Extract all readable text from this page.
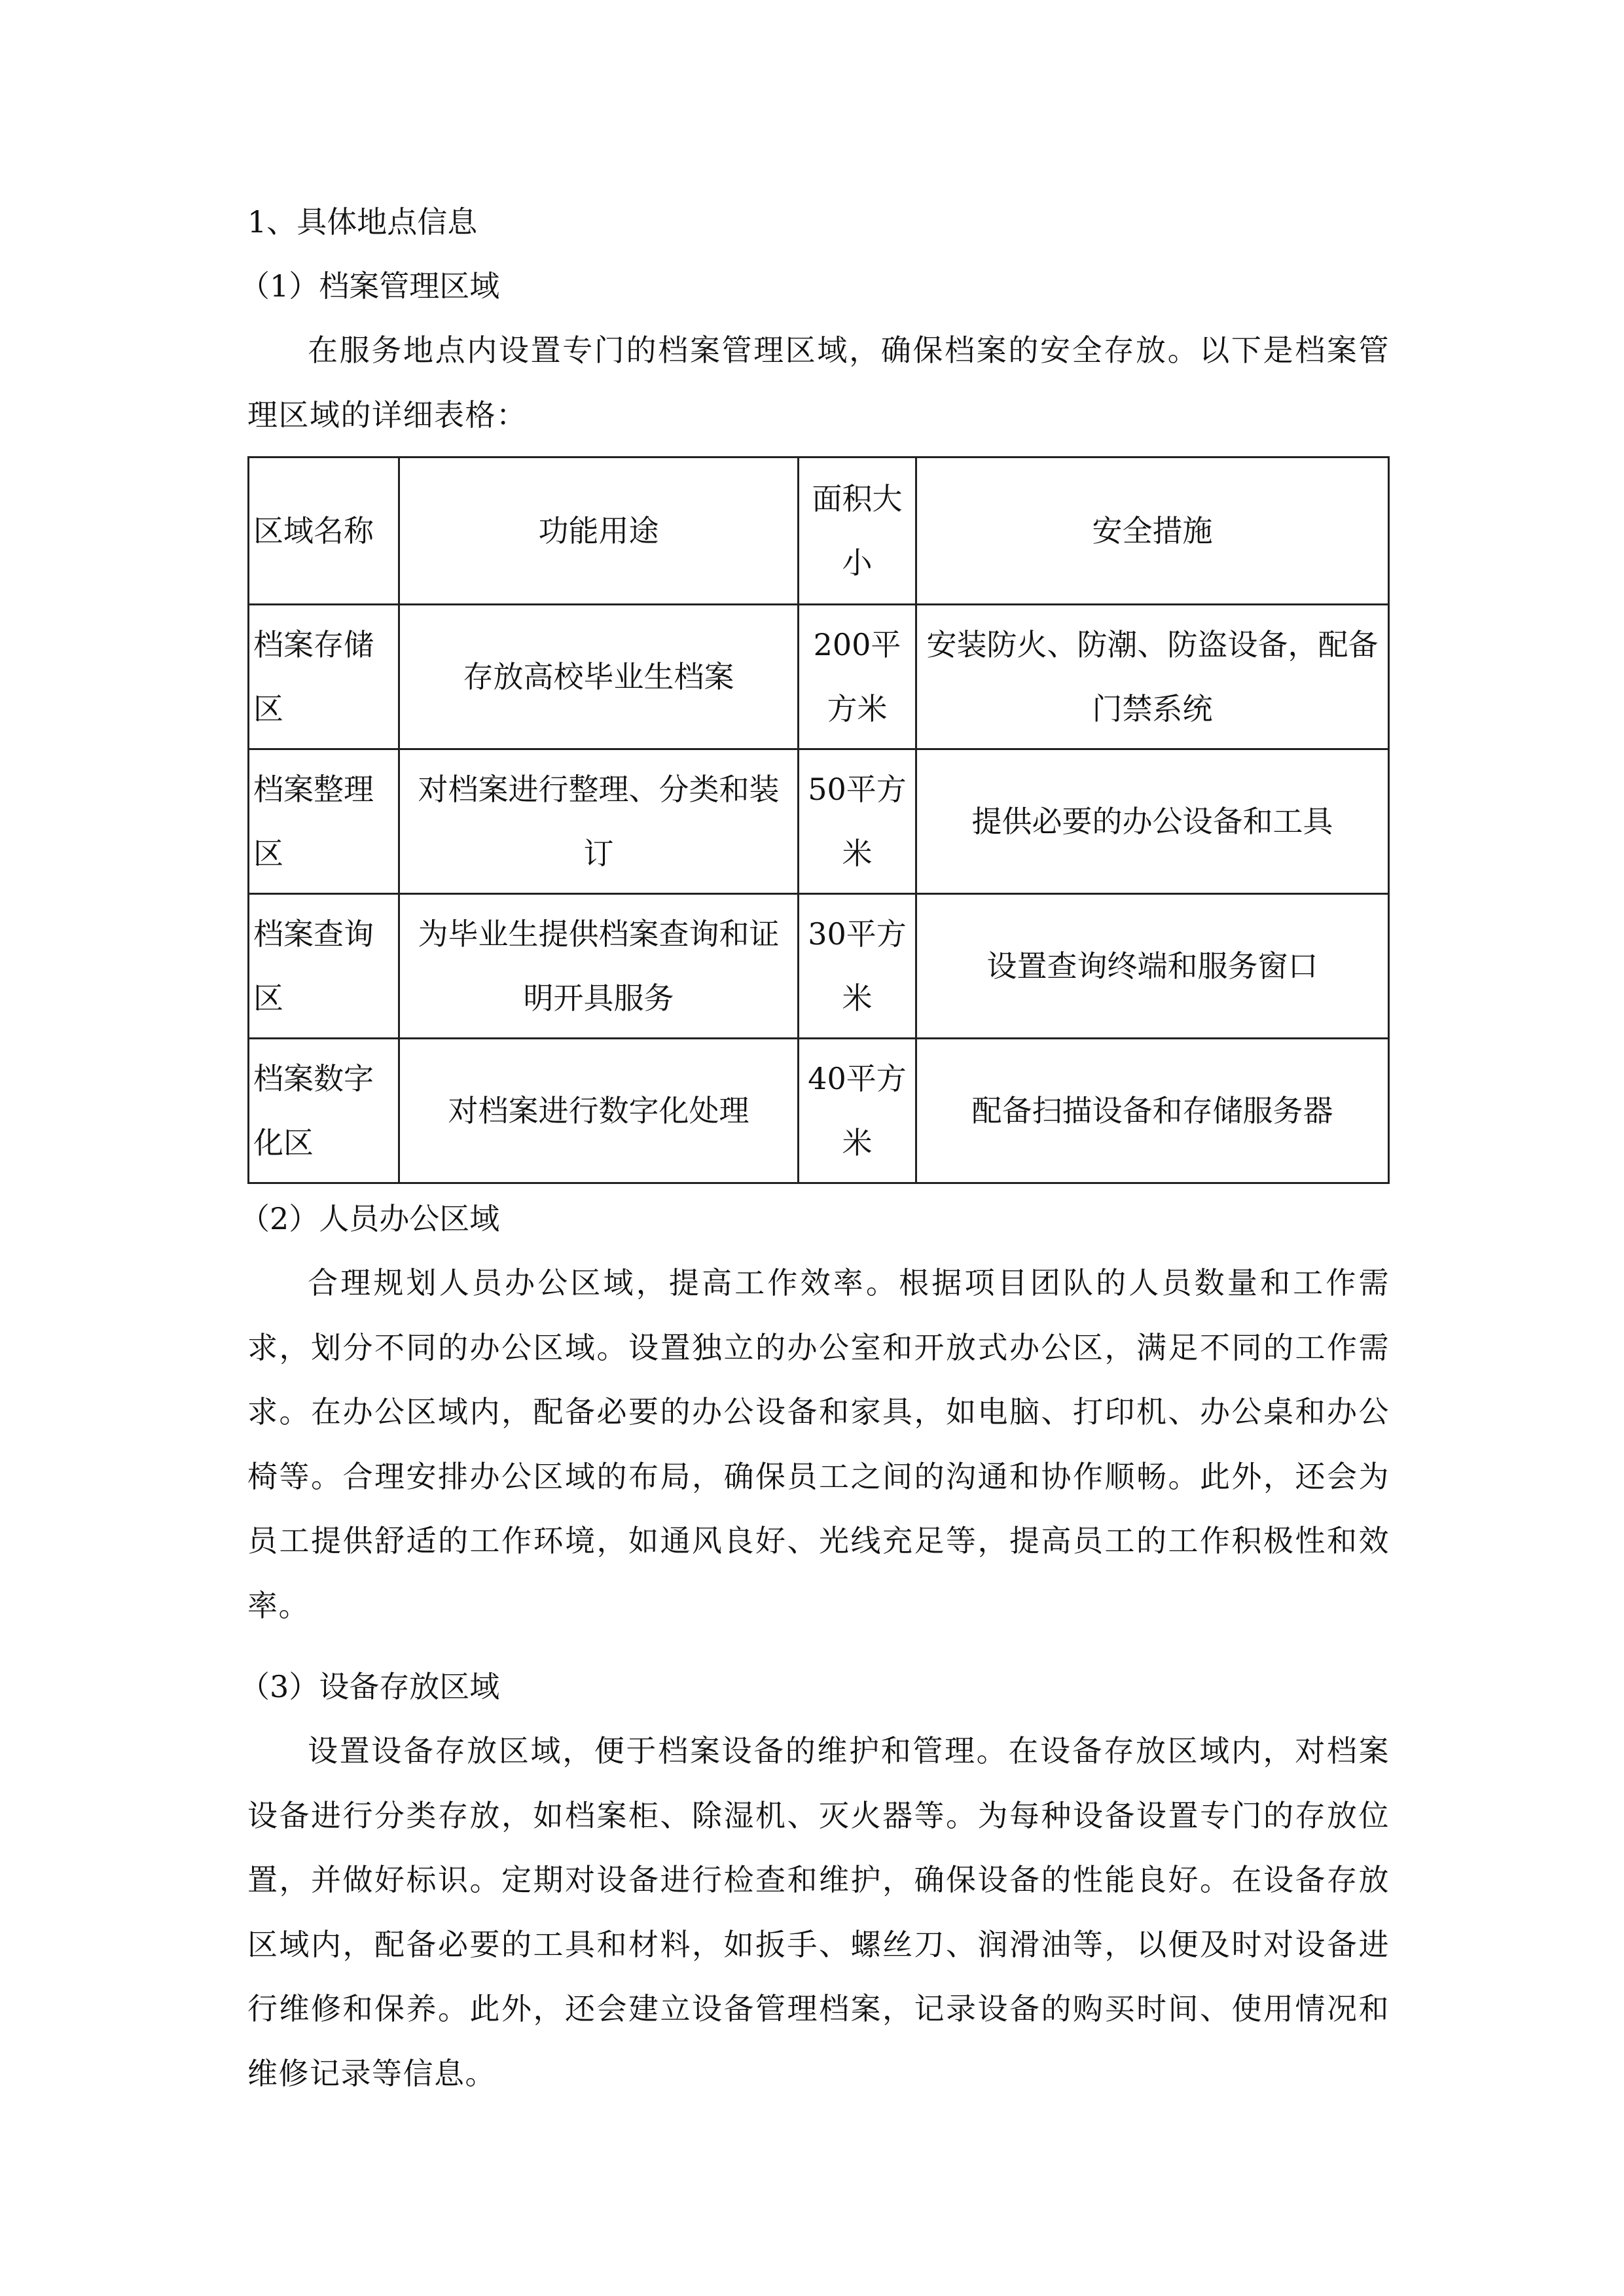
1、具体地点信息
（1）档案管理区域
在服务地点内设置专门的档案管理区域，确保档案的安全存放。以下是档案管理区域的详细表格：
区域名称	功能用途	面积大小	安全措施
档案存储区	存放高校毕业生档案	200平方米	安装防火、防潮、防盗设备，配备门禁系统
档案整理区	对档案进行整理、分类和装订	50平方米	提供必要的办公设备和工具
档案查询区	为毕业生提供档案查询和证明开具服务	30平方米	设置查询终端和服务窗口
档案数字化区	对档案进行数字化处理	40平方米	配备扫描设备和存储服务器
（2）人员办公区域
合理规划人员办公区域，提高工作效率。根据项目团队的人员数量和工作需求，划分不同的办公区域。设置独立的办公室和开放式办公区，满足不同的工作需求。在办公区域内，配备必要的办公设备和家具，如电脑、打印机、办公桌和办公椅等。合理安排办公区域的布局，确保员工之间的沟通和协作顺畅。此外，还会为员工提供舒适的工作环境，如通风良好、光线充足等，提高员工的工作积极性和效率。
（3）设备存放区域
设置设备存放区域，便于档案设备的维护和管理。在设备存放区域内，对档案设备进行分类存放，如档案柜、除湿机、灭火器等。为每种设备设置专门的存放位置，并做好标识。定期对设备进行检查和维护，确保设备的性能良好。在设备存放区域内，配备必要的工具和材料，如扳手、螺丝刀、润滑油等，以便及时对设备进行维修和保养。此外，还会建立设备管理档案，记录设备的购买时间、使用情况和维修记录等信息。
